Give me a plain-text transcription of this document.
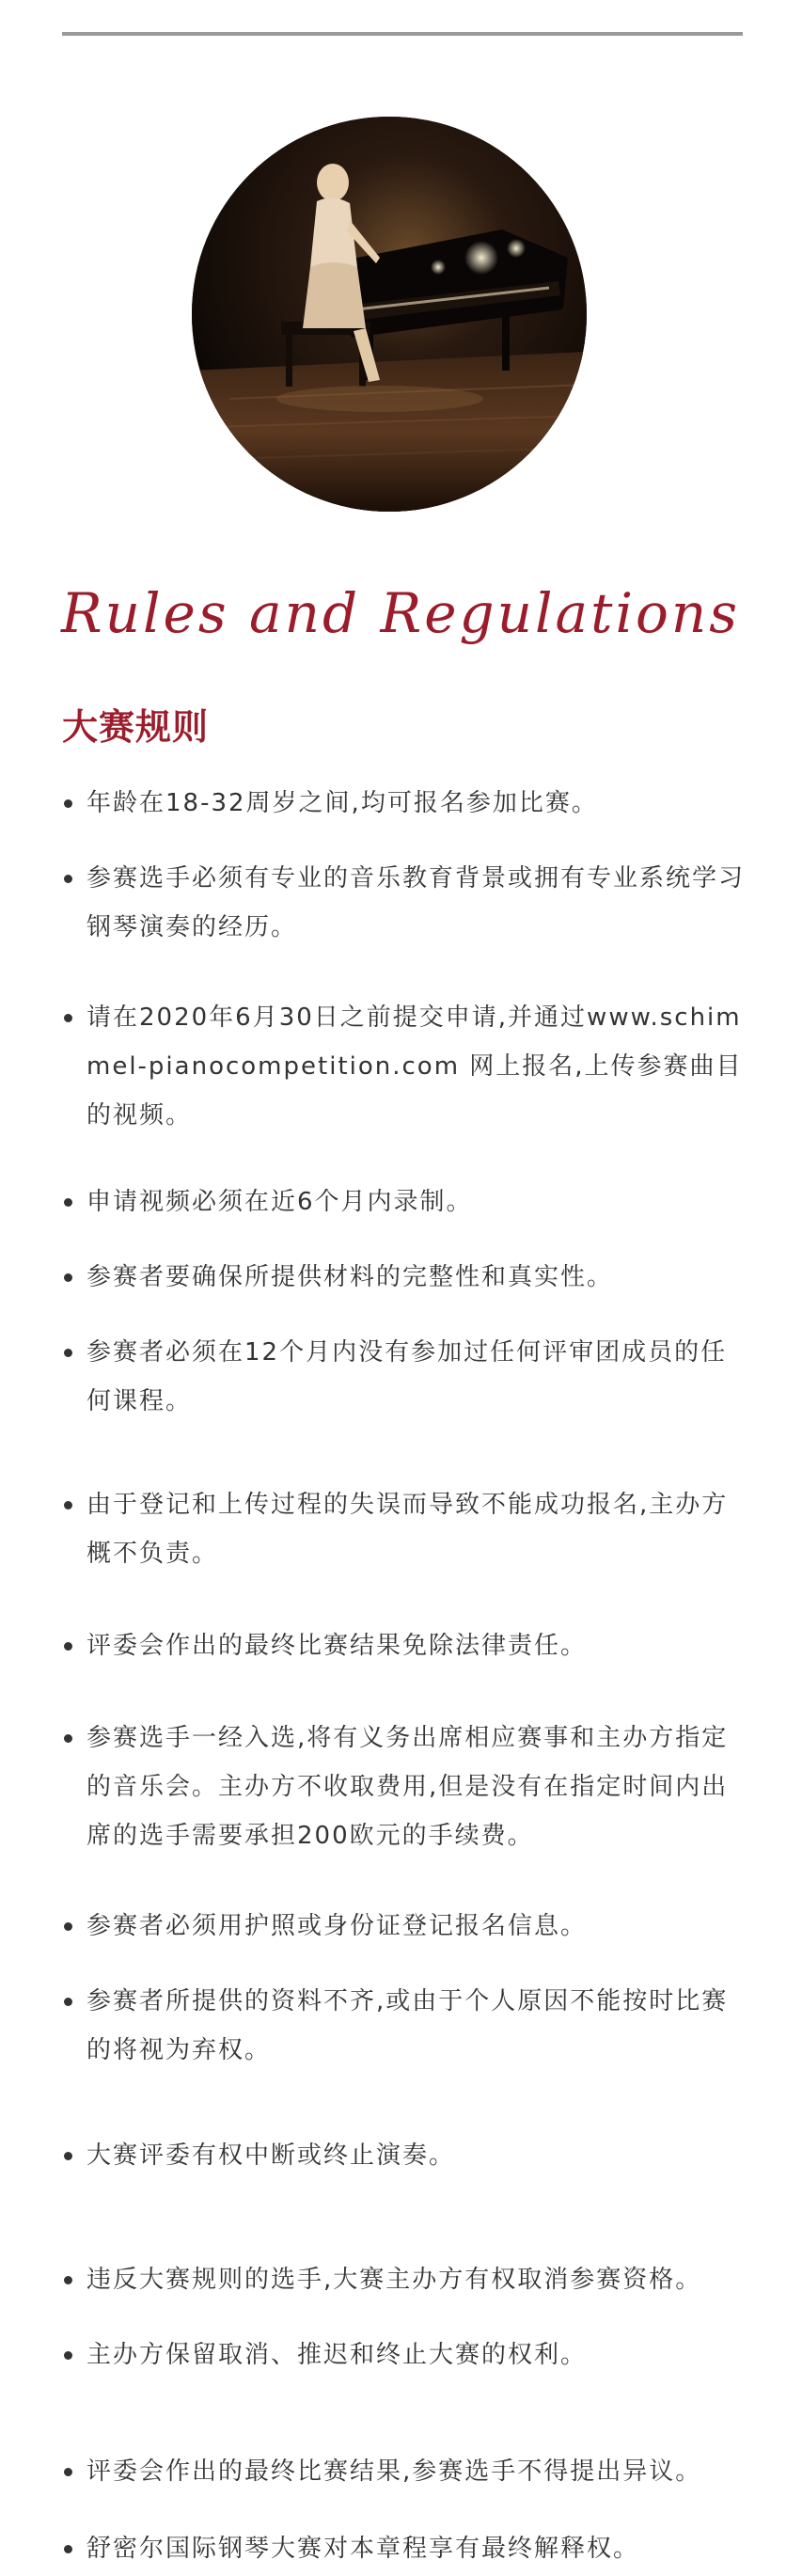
Rules and Regulations
大赛规则
年龄在18-32周岁之间,均可报名参加比赛。
参赛选手必须有专业的音乐教育背景或拥有专业系统学习钢琴演奏的经历。
请在2020年6月30日之前提交申请,并通过www.schimmel-pianocompetition.com 网上报名,上传参赛曲目的视频。
申请视频必须在近6个月内录制。
参赛者要确保所提供材料的完整性和真实性。
参赛者必须在12个月内没有参加过任何评审团成员的任何课程。
由于登记和上传过程的失误而导致不能成功报名,主办方概不负责。
评委会作出的最终比赛结果免除法律责任。
参赛选手一经入选,将有义务出席相应赛事和主办方指定的音乐会。主办方不收取费用,但是没有在指定时间内出席的选手需要承担200欧元的手续费。
参赛者必须用护照或身份证登记报名信息。
参赛者所提供的资料不齐,或由于个人原因不能按时比赛的将视为弃权。
大赛评委有权中断或终止演奏。
违反大赛规则的选手,大赛主办方有权取消参赛资格。
主办方保留取消、推迟和终止大赛的权利。
评委会作出的最终比赛结果,参赛选手不得提出异议。
舒密尔国际钢琴大赛对本章程享有最终解释权。
